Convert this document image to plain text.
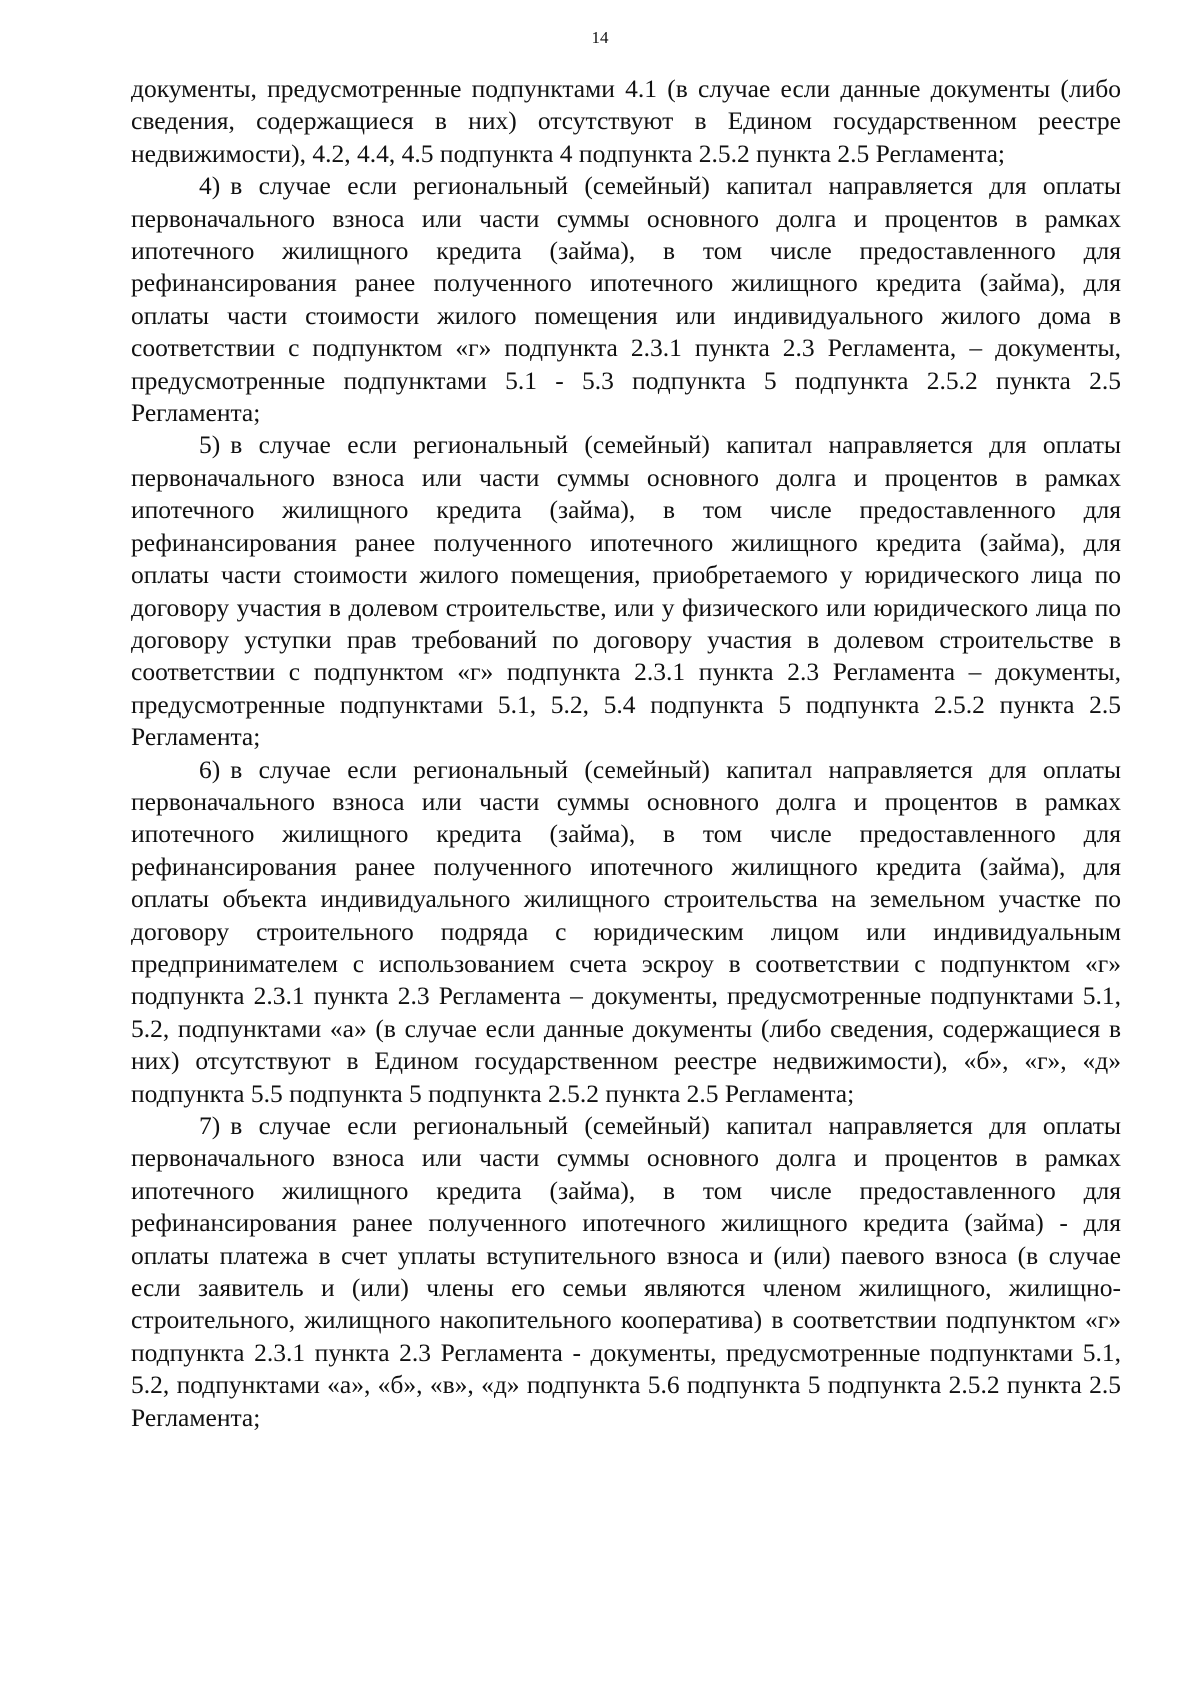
14

документы, предусмотренные подпунктами 4.1 (в случае если данные документы (либо сведения, содержащиеся в них) отсутствуют в Едином государственном реестре недвижимости), 4.2, 4.4, 4.5 подпункта 4 подпункта 2.5.2 пункта 2.5 Регламента;

4) в случае если региональный (семейный) капитал направляется для оплаты первоначального взноса или части суммы основного долга и процентов в рамках ипотечного жилищного кредита (займа), в том числе предоставленного для рефинансирования ранее полученного ипотечного жилищного кредита (займа), для оплаты части стоимости жилого помещения или индивидуального жилого дома в соответствии с подпунктом «г» подпункта 2.3.1 пункта 2.3 Регламента, – документы, предусмотренные подпунктами 5.1 - 5.3 подпункта 5 подпункта 2.5.2 пункта 2.5 Регламента;

5) в случае если региональный (семейный) капитал направляется для оплаты первоначального взноса или части суммы основного долга и процентов в рамках ипотечного жилищного кредита (займа), в том числе предоставленного для рефинансирования ранее полученного ипотечного жилищного кредита (займа), для оплаты части стоимости жилого помещения, приобретаемого у юридического лица по договору участия в долевом строительстве, или у физического или юридического лица по договору уступки прав требований по договору участия в долевом строительстве в соответствии с подпунктом «г» подпункта 2.3.1 пункта 2.3 Регламента – документы, предусмотренные подпунктами 5.1, 5.2, 5.4 подпункта 5 подпункта 2.5.2 пункта 2.5 Регламента;

6) в случае если региональный (семейный) капитал направляется для оплаты первоначального взноса или части суммы основного долга и процентов в рамках ипотечного жилищного кредита (займа), в том числе предоставленного для рефинансирования ранее полученного ипотечного жилищного кредита (займа), для оплаты объекта индивидуального жилищного строительства на земельном участке по договору строительного подряда с юридическим лицом или индивидуальным предпринимателем с использованием счета эскроу в соответствии с подпунктом «г» подпункта 2.3.1 пункта 2.3 Регламента – документы, предусмотренные подпунктами 5.1, 5.2, подпунктами «а» (в случае если данные документы (либо сведения, содержащиеся в них) отсутствуют в Едином государственном реестре недвижимости), «б», «г», «д» подпункта 5.5 подпункта 5 подпункта 2.5.2 пункта 2.5 Регламента;

7) в случае если региональный (семейный) капитал направляется для оплаты первоначального взноса или части суммы основного долга и процентов в рамках ипотечного жилищного кредита (займа), в том числе предоставленного для рефинансирования ранее полученного ипотечного жилищного кредита (займа) - для оплаты платежа в счет уплаты вступительного взноса и (или) паевого взноса (в случае если заявитель и (или) члены его семьи являются членом жилищного, жилищно-строительного, жилищного накопительного кооператива) в соответствии подпунктом «г» подпункта 2.3.1 пункта 2.3 Регламента - документы, предусмотренные подпунктами 5.1, 5.2, подпунктами «а», «б», «в», «д» подпункта 5.6 подпункта 5 подпункта 2.5.2 пункта 2.5 Регламента;
